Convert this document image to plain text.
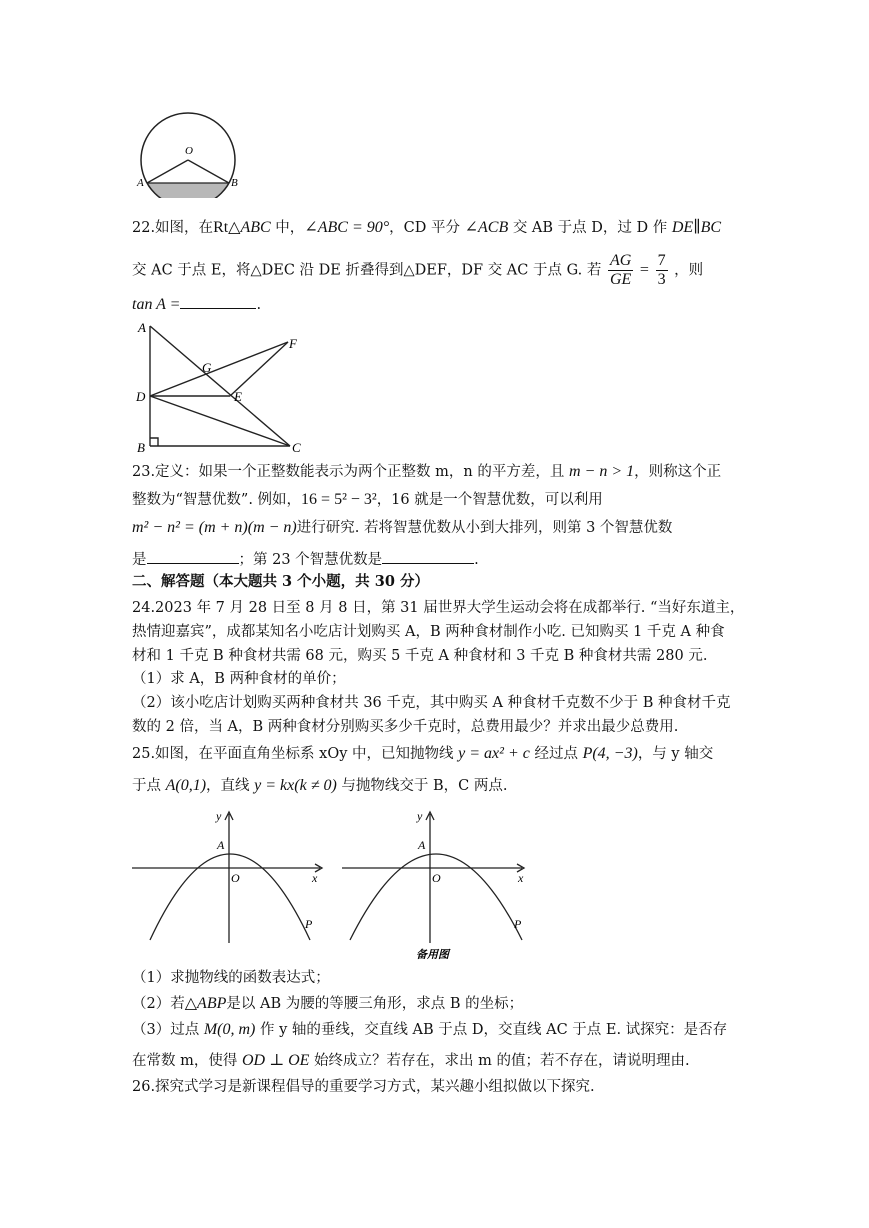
O
A	B
22.如图，在Rt△ABC 中，∠ABC = 90°，CD 平分 ∠ACB 交 AB 于点 D，过 D 作 DE∥BC
交 AC 于点 E，将△DEC 沿 DE 折叠得到△DEF，DF 交 AC 于点 G. 若 $\frac{AG}{GE} = \frac{7}{3}$ ，则
tan A =	.
A
G
F
D	E
B	C
23.定义：如果一个正整数能表示为两个正整数 m，n 的平方差，且 m − n > 1，则称这个正
整数为“智慧优数”. 例如，16 = 5² − 3²，16 就是一个智慧优数，可以利用
m² − n² = (m + n)(m − n)进行研究. 若将智慧优数从小到大排列，则第 3 个智慧优数
是	；第 23 个智慧优数是	.
二、解答题（本大题共 3 个小题，共 30 分）
24.2023 年 7 月 28 日至 8 月 8 日，第 31 届世界大学生运动会将在成都举行. “当好东道主，
热情迎嘉宾”，成都某知名小吃店计划购买 A，B 两种食材制作小吃. 已知购买 1 千克 A 种食
材和 1 千克 B 种食材共需 68 元，购买 5 千克 A 种食材和 3 千克 B 种食材共需 280 元.
（1）求 A，B 两种食材的单价；
（2）该小吃店计划购买两种食材共 36 千克，其中购买 A 种食材千克数不少于 B 种食材千克
数的 2 倍，当 A，B 两种食材分别购买多少千克时，总费用最少？并求出最少总费用.
25.如图，在平面直角坐标系 xOy 中，已知抛物线 y = ax² + c 经过点 P(4, −3)，与 y 轴交
于点 A(0,1)，直线 y = kx(k ≠ 0) 与抛物线交于 B，C 两点.
y
x
O
A
P
y
x
O
A
P
备用图
（1）求抛物线的函数表达式；
（2）若△ABP是以 AB 为腰的等腰三角形，求点 B 的坐标；
（3）过点 M(0, m) 作 y 轴的垂线，交直线 AB 于点 D，交直线 AC 于点 E. 试探究：是否存
在常数 m，使得 OD ⊥ OE 始终成立？若存在，求出 m 的值；若不存在，请说明理由.
26.探究式学习是新课程倡导的重要学习方式，某兴趣小组拟做以下探究.
